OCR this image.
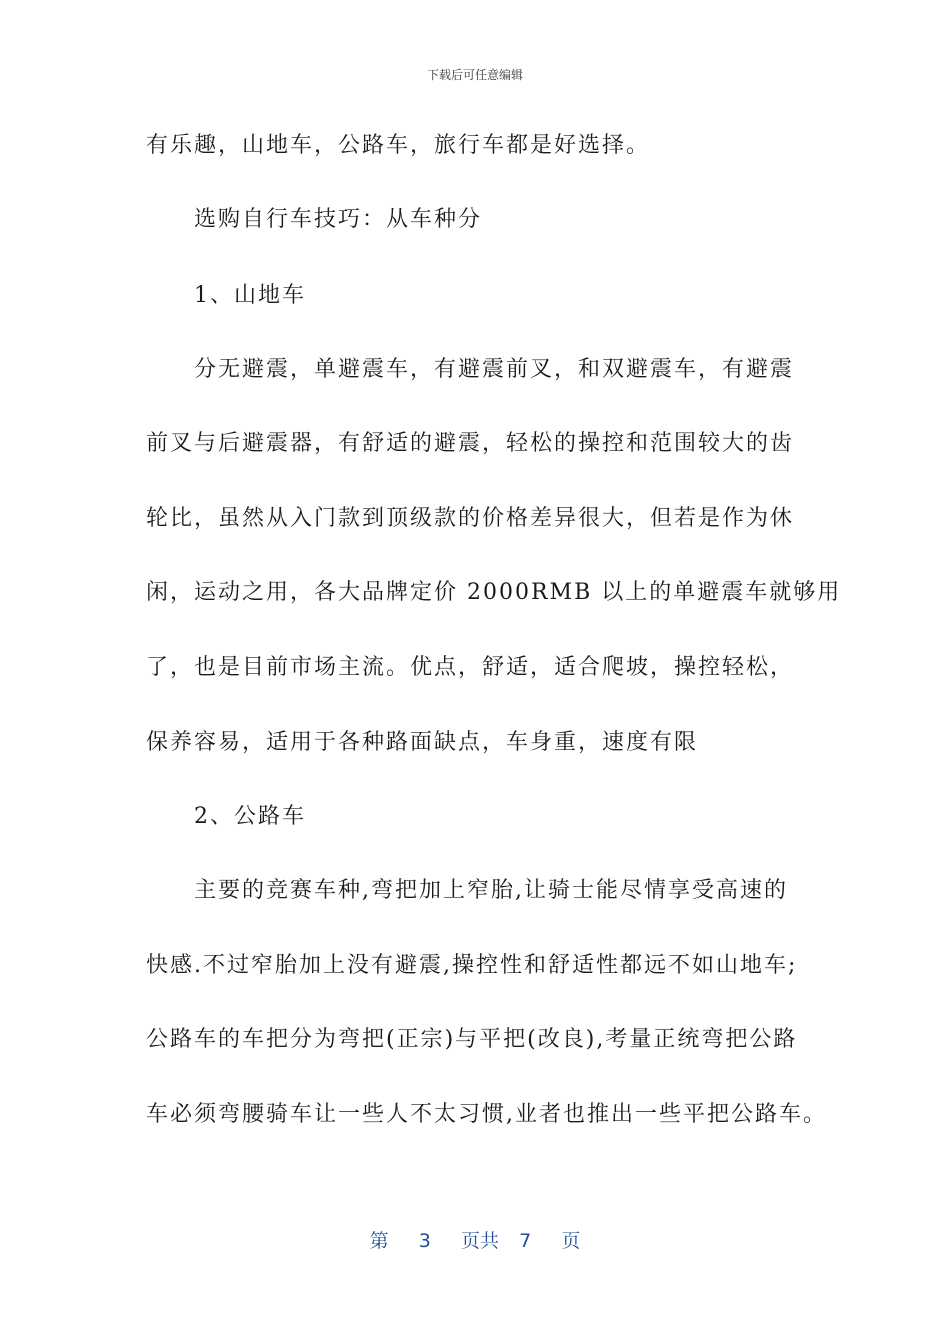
下载后可任意编辑
有乐趣，山地车，公路车，旅行车都是好选择。
选购自行车技巧：从车种分
1、山地车
分无避震，单避震车，有避震前叉，和双避震车，有避震
前叉与后避震器，有舒适的避震，轻松的操控和范围较大的齿
轮比，虽然从入门款到顶级款的价格差异很大，但若是作为休
闲，运动之用，各大品牌定价 2000RMB 以上的单避震车就够用
了，也是目前市场主流。优点，舒适，适合爬坡，操控轻松，
保养容易，适用于各种路面缺点，车身重，速度有限
2、公路车
主要的竞赛车种,弯把加上窄胎,让骑士能尽情享受高速的
快感.不过窄胎加上没有避震,操控性和舒适性都远不如山地车;
公路车的车把分为弯把(正宗)与平把(改良),考量正统弯把公路
车必须弯腰骑车让一些人不太习惯,业者也推出一些平把公路车。
第 3 页共 7 页
